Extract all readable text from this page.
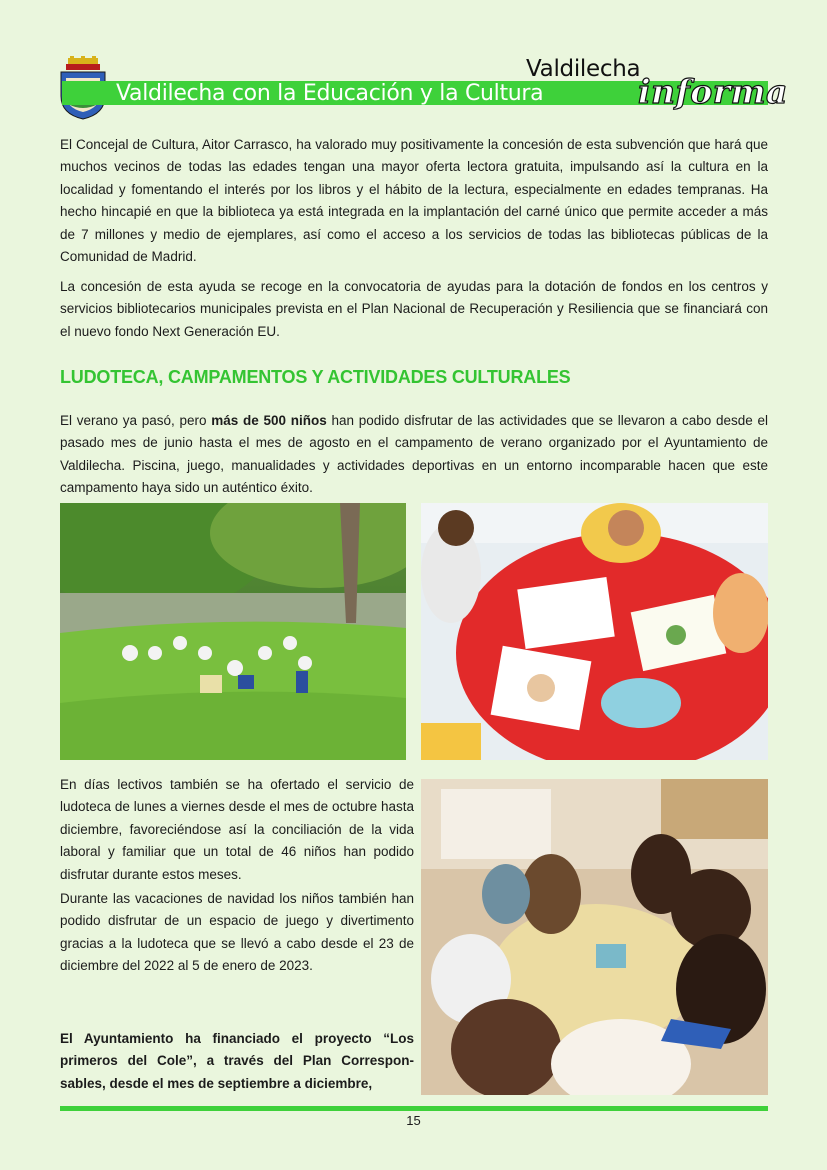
Valdilecha con la Educación y la Cultura
Valdilecha
informa

El Concejal de Cultura, Aitor Carrasco, ha valorado muy positivamente la concesión de esta subvención que hará que muchos vecinos de todas las edades tengan una mayor oferta lectora gratuita, impulsando así la cultura en la localidad y fomentando el interés por los libros y el hábito de la lectura, especialmente en edades tempranas. Ha hecho hincapié en que la biblioteca ya está integrada en la implantación del carné único que permite acceder a más de 7 millones y medio de ejemplares, así como el acceso a los servicios de todas las bibliotecas públicas de la Comunidad de Madrid.

La concesión de esta ayuda se recoge en la convocatoria de ayudas para la dotación de fondos en los centros y servicios bibliotecarios municipales prevista en el Plan Nacional de Recuperación y Resiliencia que se financiará con el nuevo fondo Next Generación EU.

LUDOTECA, CAMPAMENTOS Y ACTIVIDADES CULTURALES

El verano ya pasó, pero más de 500 niños han podido disfrutar de las actividades que se llevaron a cabo desde el pasado mes de junio hasta el mes de agosto en el campamento de verano organizado por el Ayuntamiento de Valdilecha. Piscina, juego, manualidades y actividades deportivas en un entorno incomparable hacen que este campamento haya sido un auténtico éxito.

En días lectivos también se ha ofertado el servicio de ludoteca de lunes a viernes desde el mes de octubre hasta diciembre, favoreciéndose así la conciliación de la vida laboral y familiar que un total de 46 niños han podido disfrutar durante estos meses.

Durante las vacaciones de navidad los niños también han podido disfrutar de un espacio de juego y divertimento gracias a la ludoteca que se llevó a cabo desde el 23 de diciembre del 2022 al 5 de enero de 2023.

El Ayuntamiento ha financiado el proyecto “Los primeros del Cole”, a través del Plan Correspon-sables, desde el mes de septiembre a diciembre,

15
